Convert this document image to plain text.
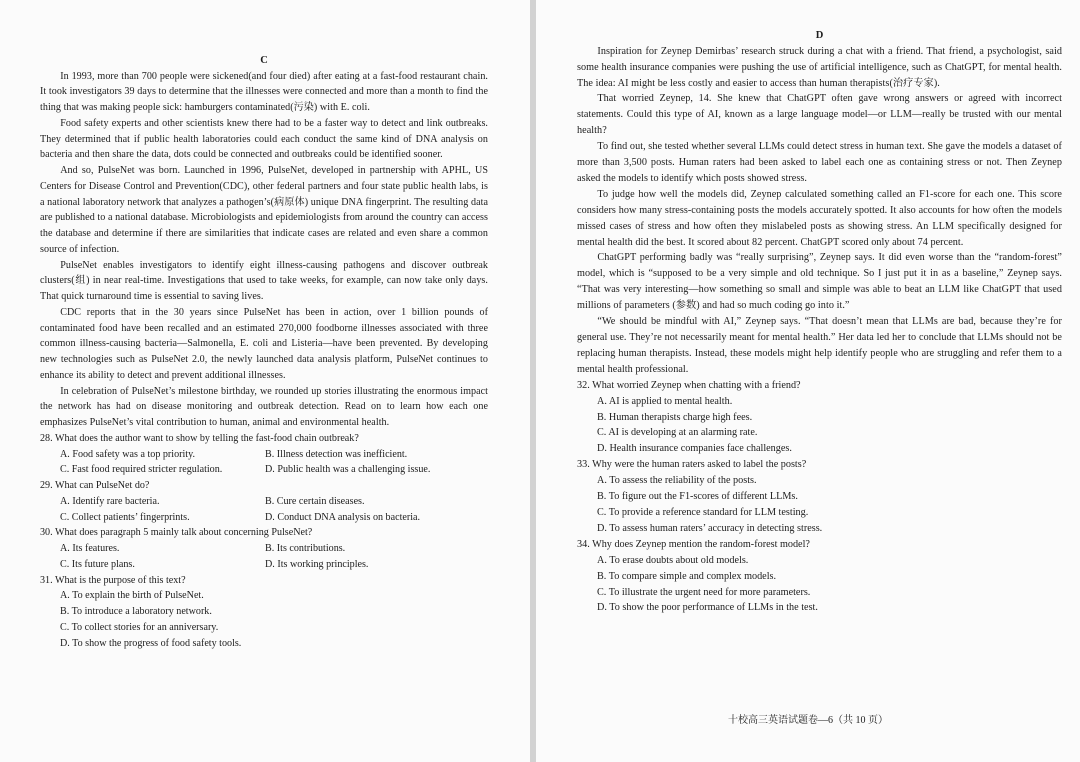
C

In 1993, more than 700 people were sickened(and four died) after eating at a fast-food restaurant chain. It took investigators 39 days to determine that the illnesses were connected and more than a month to find the thing that was making people sick: hamburgers contaminated(污染) with E. coli.

Food safety experts and other scientists knew there had to be a faster way to detect and link outbreaks. They determined that if public health laboratories could each conduct the same kind of DNA analysis on bacteria and then share the data, dots could be connected and outbreaks could be identified sooner.

And so, PulseNet was born. Launched in 1996, PulseNet, developed in partnership with APHL, US Centers for Disease Control and Prevention(CDC), other federal partners and four state public health labs, is a national laboratory network that analyzes a pathogen’s(病原体) unique DNA fingerprint. The resulting data are published to a national database. Microbiologists and epidemiologists from around the country can access the database and determine if there are similarities that indicate cases are related and even share a common source of infection.

PulseNet enables investigators to identify eight illness-causing pathogens and discover outbreak clusters(组) in near real-time. Investigations that used to take weeks, for example, can now take only days. That quick turnaround time is essential to saving lives.

CDC reports that in the 30 years since PulseNet has been in action, over 1 billion pounds of contaminated food have been recalled and an estimated 270,000 foodborne illnesses associated with three common illness-causing bacteria—Salmonella, E. coli and Listeria—have been prevented. By developing new technologies such as PulseNet 2.0, the newly launched data analysis platform, PulseNet continues to enhance its ability to detect and prevent additional illnesses.

In celebration of PulseNet’s milestone birthday, we rounded up stories illustrating the enormous impact the network has had on disease monitoring and outbreak detection. Read on to learn how each one emphasizes PulseNet’s vital contribution to human, animal and environmental health.

28. What does the author want to show by telling the fast-food chain outbreak?

A. Food safety was a top priority.	B. Illness detection was inefficient.
C. Fast food required stricter regulation.	D. Public health was a challenging issue.

29. What can PulseNet do?

A. Identify rare bacteria.	B. Cure certain diseases.
C. Collect patients’ fingerprints.	D. Conduct DNA analysis on bacteria.

30. What does paragraph 5 mainly talk about concerning PulseNet?

A. Its features.	B. Its contributions.
C. Its future plans.	D. Its working principles.

31. What is the purpose of this text?

A. To explain the birth of PulseNet.
B. To introduce a laboratory network.
C. To collect stories for an anniversary.
D. To show the progress of food safety tools.
D

Inspiration for Zeynep Demirbas’ research struck during a chat with a friend. That friend, a psychologist, said some health insurance companies were pushing the use of artificial intelligence, such as ChatGPT, for mental health. The idea: AI might be less costly and easier to access than human therapists(治疗专家).

That worried Zeynep, 14. She knew that ChatGPT often gave wrong answers or agreed with incorrect statements. Could this type of AI, known as a large language model—or LLM—really be trusted with our mental health?

To find out, she tested whether several LLMs could detect stress in human text. She gave the models a dataset of more than 3,500 posts. Human raters had been asked to label each one as containing stress or not. Then Zeynep asked the models to identify which posts showed stress.

To judge how well the models did, Zeynep calculated something called an F1-score for each one. This score considers how many stress-containing posts the models accurately spotted. It also accounts for how often the models missed cases of stress and how often they mislabeled posts as showing stress. An LLM specifically designed for mental health did the best. It scored about 82 percent. ChatGPT scored only about 74 percent.

ChatGPT performing badly was “really surprising”, Zeynep says. It did even worse than the “random-forest” model, which is “supposed to be a very simple and old technique. So I just put it in as a baseline,” Zeynep says. “That was very interesting—how something so small and simple was able to beat an LLM like ChatGPT that used millions of parameters (参数) and had so much coding go into it.”

“We should be mindful with AI,” Zeynep says. “That doesn’t mean that LLMs are bad, because they’re for general use. They’re not necessarily meant for mental health.” Her data led her to conclude that LLMs should not be replacing human therapists. Instead, these models might help identify people who are struggling and refer them to a mental health professional.

32. What worried Zeynep when chatting with a friend?

A. AI is applied to mental health.
B. Human therapists charge high fees.
C. AI is developing at an alarming rate.
D. Health insurance companies face challenges.

33. Why were the human raters asked to label the posts?

A. To assess the reliability of the posts.
B. To figure out the F1-scores of different LLMs.
C. To provide a reference standard for LLM testing.
D. To assess human raters’ accuracy in detecting stress.

34. Why does Zeynep mention the random-forest model?

A. To erase doubts about old models.
B. To compare simple and complex models.
C. To illustrate the urgent need for more parameters.
D. To show the poor performance of LLMs in the test.
十校高三英语试题卷—6（共 10 页）
